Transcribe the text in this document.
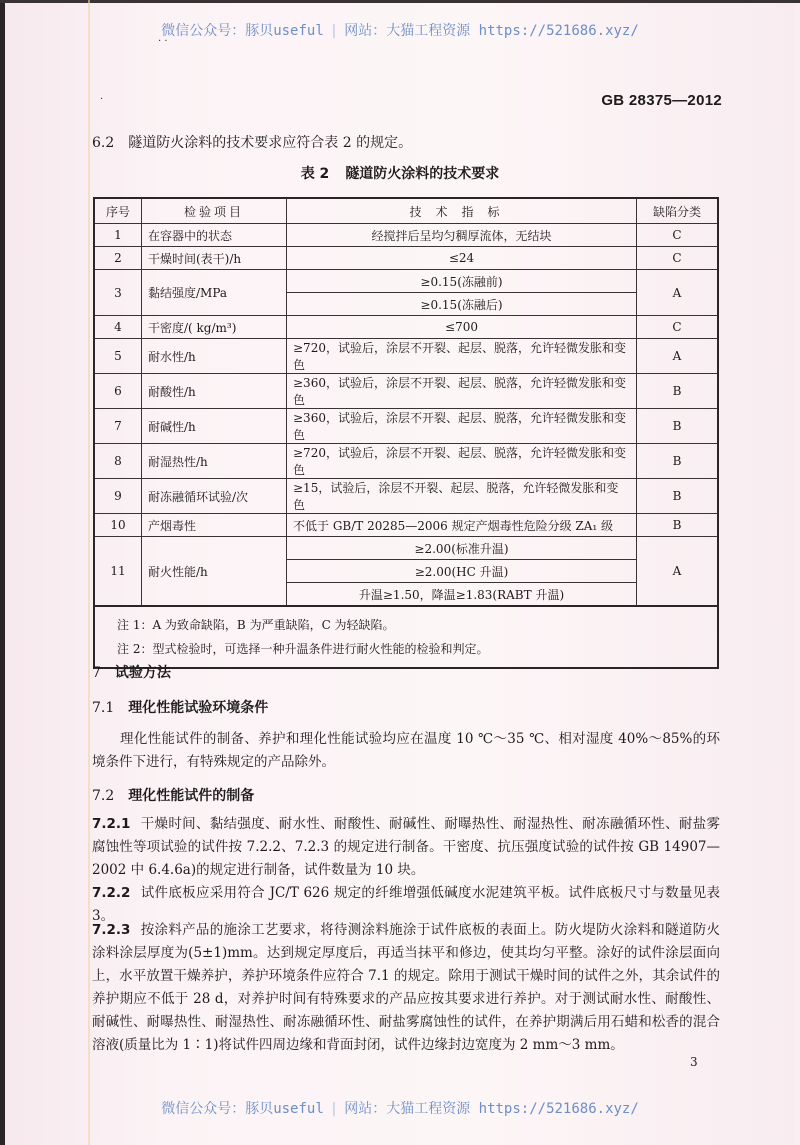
微信公众号：豚贝useful | 网站：大猫工程资源 https://521686.xyz/
· ·
·	GB 28375—2012
6.2 隧道防火涂料的技术要求应符合表 2 的规定。
表 2 隧道防火涂料的技术要求
序号	检验项目	技术指标	缺陷分类
1	在容器中的状态	经搅拌后呈均匀稠厚流体，无结块	C
2	干燥时间(表干)/h	≤24	C
3	黏结强度/MPa	≥0.15(冻融前)	A
		≥0.15(冻融后)	
4	干密度/( kg/m³)	≤700	C
5	耐水性/h	≥720，试验后，涂层不开裂、起层、脱落，允许轻微发胀和变色	A
6	耐酸性/h	≥360，试验后，涂层不开裂、起层、脱落，允许轻微发胀和变色	B
7	耐碱性/h	≥360，试验后，涂层不开裂、起层、脱落，允许轻微发胀和变色	B
8	耐湿热性/h	≥720，试验后，涂层不开裂、起层、脱落，允许轻微发胀和变色	B
9	耐冻融循环试验/次	≥15，试验后，涂层不开裂、起层、脱落，允许轻微发胀和变色	B
10	产烟毒性	不低于 GB/T 20285—2006 规定产烟毒性危险分级 ZA₁ 级	B
11	耐火性能/h	≥2.00(标准升温)	A
		≥2.00(HC 升温)	
		升温≥1.50，降温≥1.83(RABT 升温)	

注 1：A 为致命缺陷，B 为严重缺陷，C 为轻缺陷。
注 2：型式检验时，可选择一种升温条件进行耐火性能的检验和判定。			
7 试验方法
7.1 理化性能试验环境条件
理化性能试件的制备、养护和理化性能试验均应在温度 10 ℃～35 ℃、相对湿度 40%～85%的环境条件下进行，有特殊规定的产品除外。
7.2 理化性能试件的制备
7.2.1 干燥时间、黏结强度、耐水性、耐酸性、耐碱性、耐曝热性、耐湿热性、耐冻融循环性、耐盐雾腐蚀性等项试验的试件按 7.2.2、7.2.3 的规定进行制备。干密度、抗压强度试验的试件按 GB 14907—2002 中 6.4.6a)的规定进行制备，试件数量为 10 块。
7.2.2 试件底板应采用符合 JC/T 626 规定的纤维增强低碱度水泥建筑平板。试件底板尺寸与数量见表 3。
7.2.3 按涂料产品的施涂工艺要求，将待测涂料施涂于试件底板的表面上。防火堤防火涂料和隧道防火涂料涂层厚度为(5±1)mm。达到规定厚度后，再适当抹平和修边，使其均匀平整。涂好的试件涂层面向上，水平放置干燥养护，养护环境条件应符合 7.1 的规定。除用于测试干燥时间的试件之外，其余试件的养护期应不低于 28 d，对养护时间有特殊要求的产品应按其要求进行养护。对于测试耐水性、耐酸性、耐碱性、耐曝热性、耐湿热性、耐冻融循环性、耐盐雾腐蚀性的试件，在养护期满后用石蜡和松香的混合溶液(质量比为 1∶1)将试件四周边缘和背面封闭，试件边缘封边宽度为 2 mm～3 mm。
3
微信公众号：豚贝useful | 网站：大猫工程资源 https://521686.xyz/
